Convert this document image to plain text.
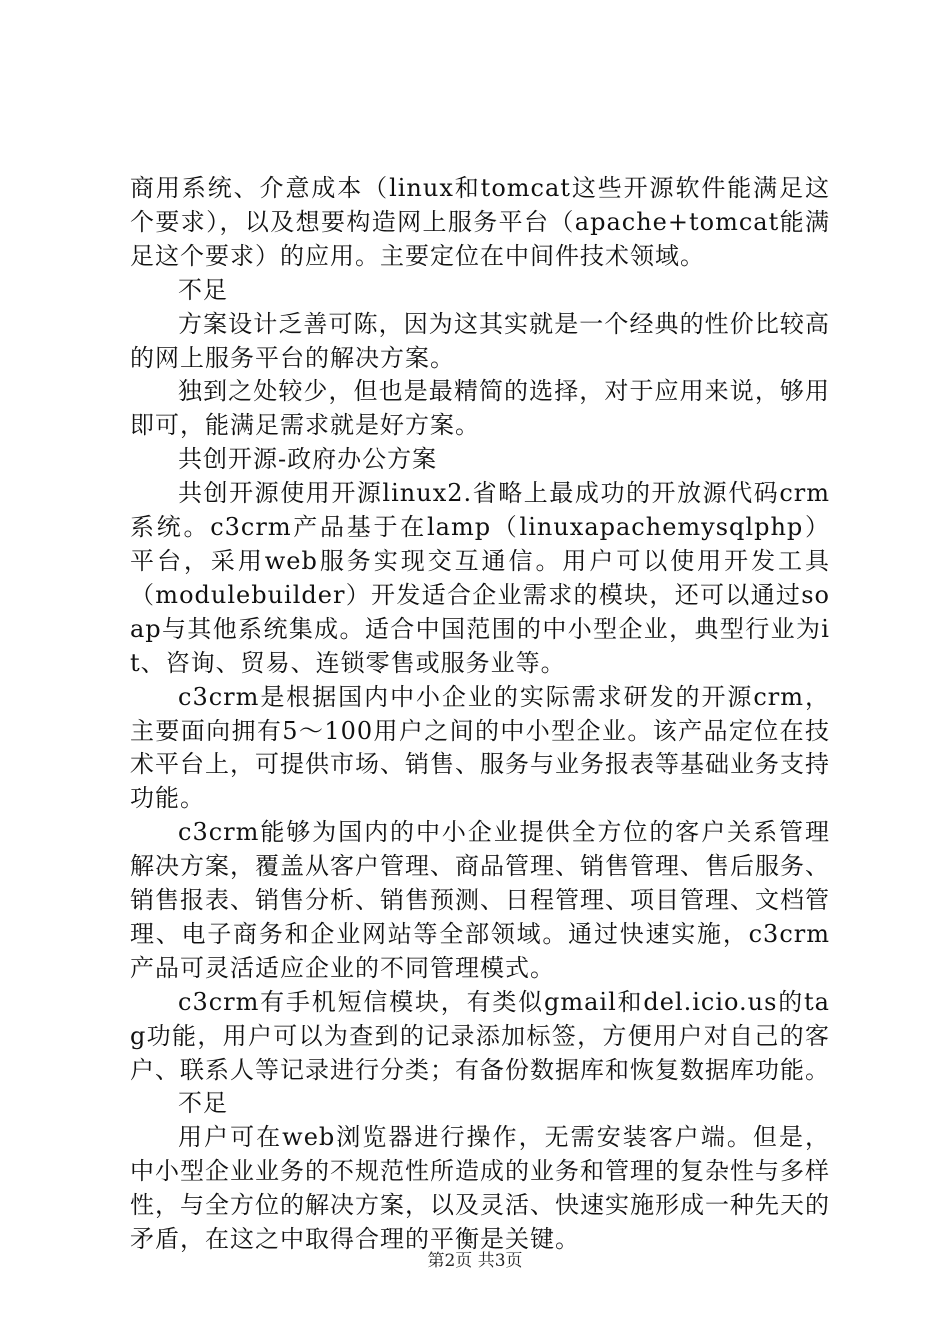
商用系统、介意成本（linux和tomcat这些开源软件能满足这个要求），以及想要构造网上服务平台（apache+tomcat能满足这个要求）的应用。主要定位在中间件技术领域。

不足

方案设计乏善可陈，因为这其实就是一个经典的性价比较高的网上服务平台的解决方案。

独到之处较少，但也是最精简的选择，对于应用来说，够用即可，能满足需求就是好方案。

共创开源-政府办公方案

共创开源使用开源linux2.省略上最成功的开放源代码crm系统。c3crm产品基于在lamp（linuxapachemysqlphp）平台，采用web服务实现交互通信。用户可以使用开发工具（modulebuilder）开发适合企业需求的模块，还可以通过soap与其他系统集成。适合中国范围的中小型企业，典型行业为it、咨询、贸易、连锁零售或服务业等。

c3crm是根据国内中小企业的实际需求研发的开源crm，主要面向拥有5～100用户之间的中小型企业。该产品定位在技术平台上，可提供市场、销售、服务与业务报表等基础业务支持功能。

c3crm能够为国内的中小企业提供全方位的客户关系管理解决方案，覆盖从客户管理、商品管理、销售管理、售后服务、销售报表、销售分析、销售预测、日程管理、项目管理、文档管理、电子商务和企业网站等全部领域。通过快速实施，c3crm产品可灵活适应企业的不同管理模式。

c3crm有手机短信模块，有类似gmail和del.icio.us的tag功能，用户可以为查到的记录添加标签，方便用户对自己的客户、联系人等记录进行分类；有备份数据库和恢复数据库功能。

不足

用户可在web浏览器进行操作，无需安装客户端。但是，中小型企业业务的不规范性所造成的业务和管理的复杂性与多样性，与全方位的解决方案，以及灵活、快速实施形成一种先天的矛盾，在这之中取得合理的平衡是关键。

第2页 共3页
